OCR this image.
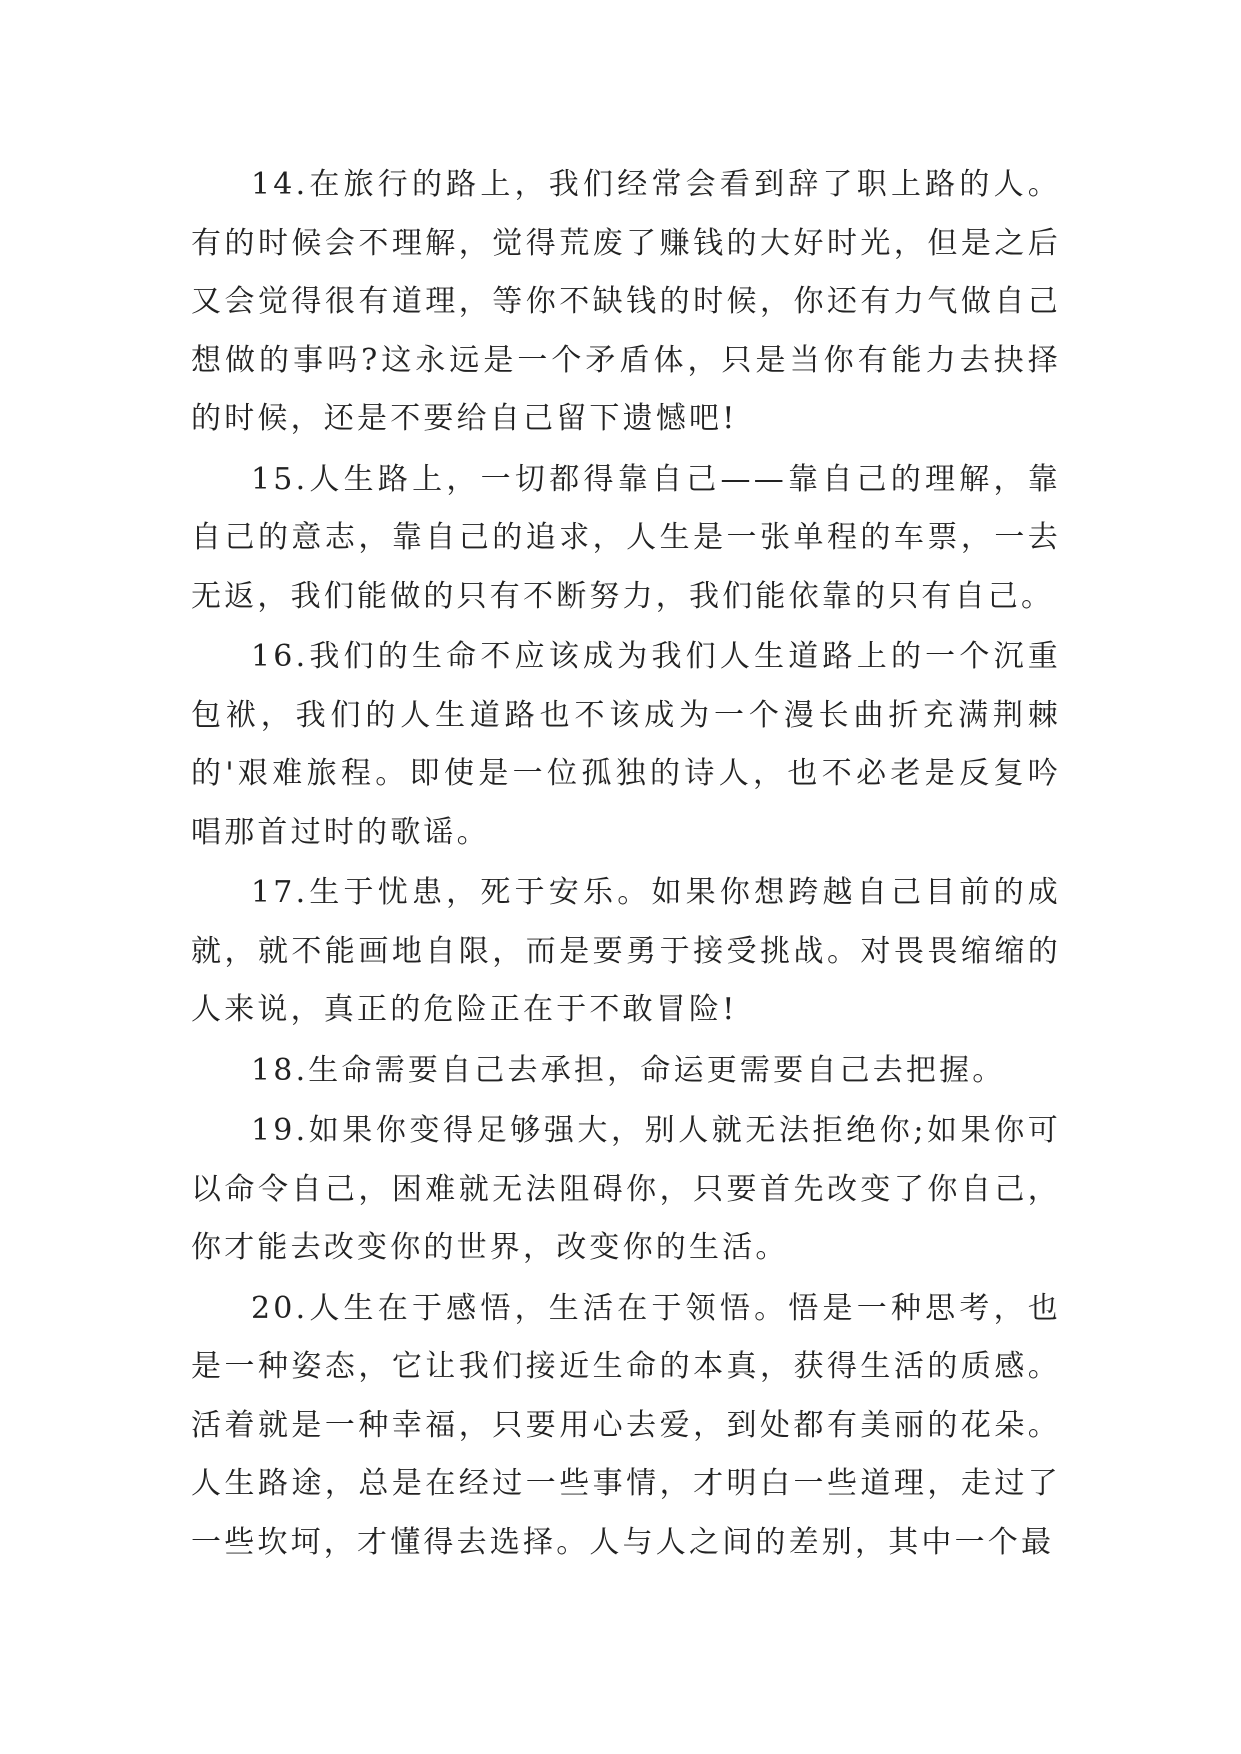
14.在旅行的路上，我们经常会看到辞了职上路的人。有的时候会不理解，觉得荒废了赚钱的大好时光，但是之后又会觉得很有道理，等你不缺钱的时候，你还有力气做自己想做的事吗?这永远是一个矛盾体，只是当你有能力去抉择的时候，还是不要给自己留下遗憾吧!

15.人生路上，一切都得靠自己——靠自己的理解，靠自己的意志，靠自己的追求，人生是一张单程的车票，一去无返，我们能做的只有不断努力，我们能依靠的只有自己。

16.我们的生命不应该成为我们人生道路上的一个沉重包袱，我们的人生道路也不该成为一个漫长曲折充满荆棘的'艰难旅程。即使是一位孤独的诗人，也不必老是反复吟唱那首过时的歌谣。

17.生于忧患，死于安乐。如果你想跨越自己目前的成就，就不能画地自限，而是要勇于接受挑战。对畏畏缩缩的人来说，真正的危险正在于不敢冒险!

18.生命需要自己去承担，命运更需要自己去把握。

19.如果你变得足够强大，别人就无法拒绝你;如果你可以命令自己，困难就无法阻碍你，只要首先改变了你自己，你才能去改变你的世界，改变你的生活。

20.人生在于感悟，生活在于领悟。悟是一种思考，也是一种姿态，它让我们接近生命的本真，获得生活的质感。活着就是一种幸福，只要用心去爱，到处都有美丽的花朵。人生路途，总是在经过一些事情，才明白一些道理，走过了一些坎坷，才懂得去选择。人与人之间的差别，其中一个最
